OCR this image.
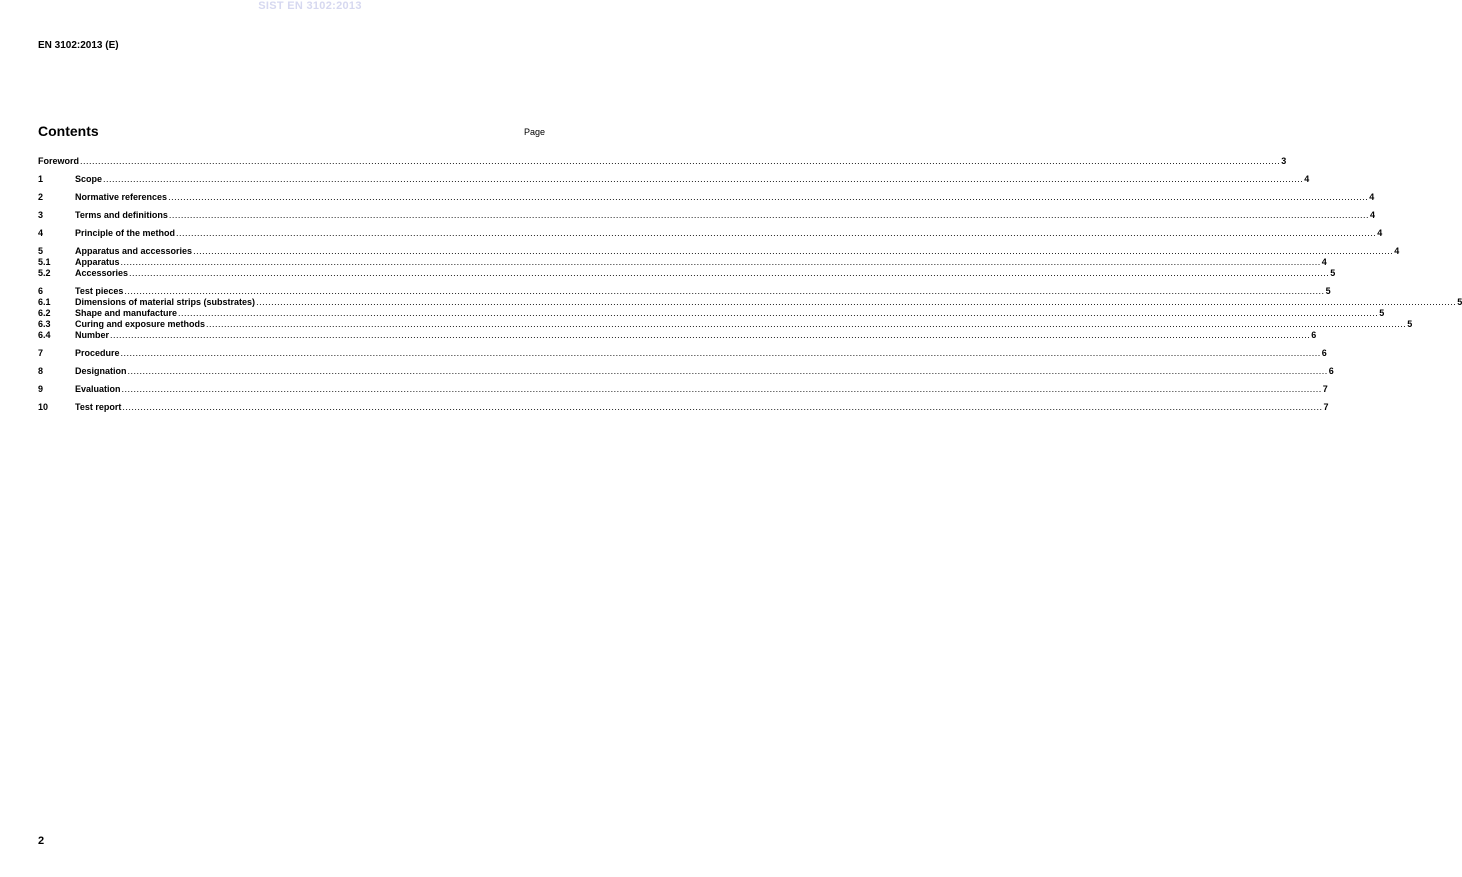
SIST EN 3102:2013
EN 3102:2013 (E)
Contents	Page
Foreword ................................................................................................................................................................................................................................................................................................................................................................................................................ 3
1	Scope ................................................................................................................................................................................................................................................................................................................................................................................................................ 4
2	Normative references ................................................................................................................................................................................................................................................................................................................................................................................................................ 4
3	Terms and definitions ................................................................................................................................................................................................................................................................................................................................................................................................................ 4
4	Principle of the method ................................................................................................................................................................................................................................................................................................................................................................................................................ 4
5	Apparatus and accessories ................................................................................................................................................................................................................................................................................................................................................................................................................ 4
5.1	Apparatus ................................................................................................................................................................................................................................................................................................................................................................................................................ 4
5.2	Accessories ................................................................................................................................................................................................................................................................................................................................................................................................................ 5
6	Test pieces ................................................................................................................................................................................................................................................................................................................................................................................................................ 5
6.1	Dimensions of material strips (substrates) ................................................................................................................................................................................................................................................................................................................................................................................................................ 5
6.2	Shape and manufacture ................................................................................................................................................................................................................................................................................................................................................................................................................ 5
6.3	Curing and exposure methods ................................................................................................................................................................................................................................................................................................................................................................................................................ 5
6.4	Number ................................................................................................................................................................................................................................................................................................................................................................................................................ 6
7	Procedure ................................................................................................................................................................................................................................................................................................................................................................................................................ 6
8	Designation ................................................................................................................................................................................................................................................................................................................................................................................................................ 6
9	Evaluation ................................................................................................................................................................................................................................................................................................................................................................................................................ 7
10	Test report ................................................................................................................................................................................................................................................................................................................................................................................................................ 7
2
